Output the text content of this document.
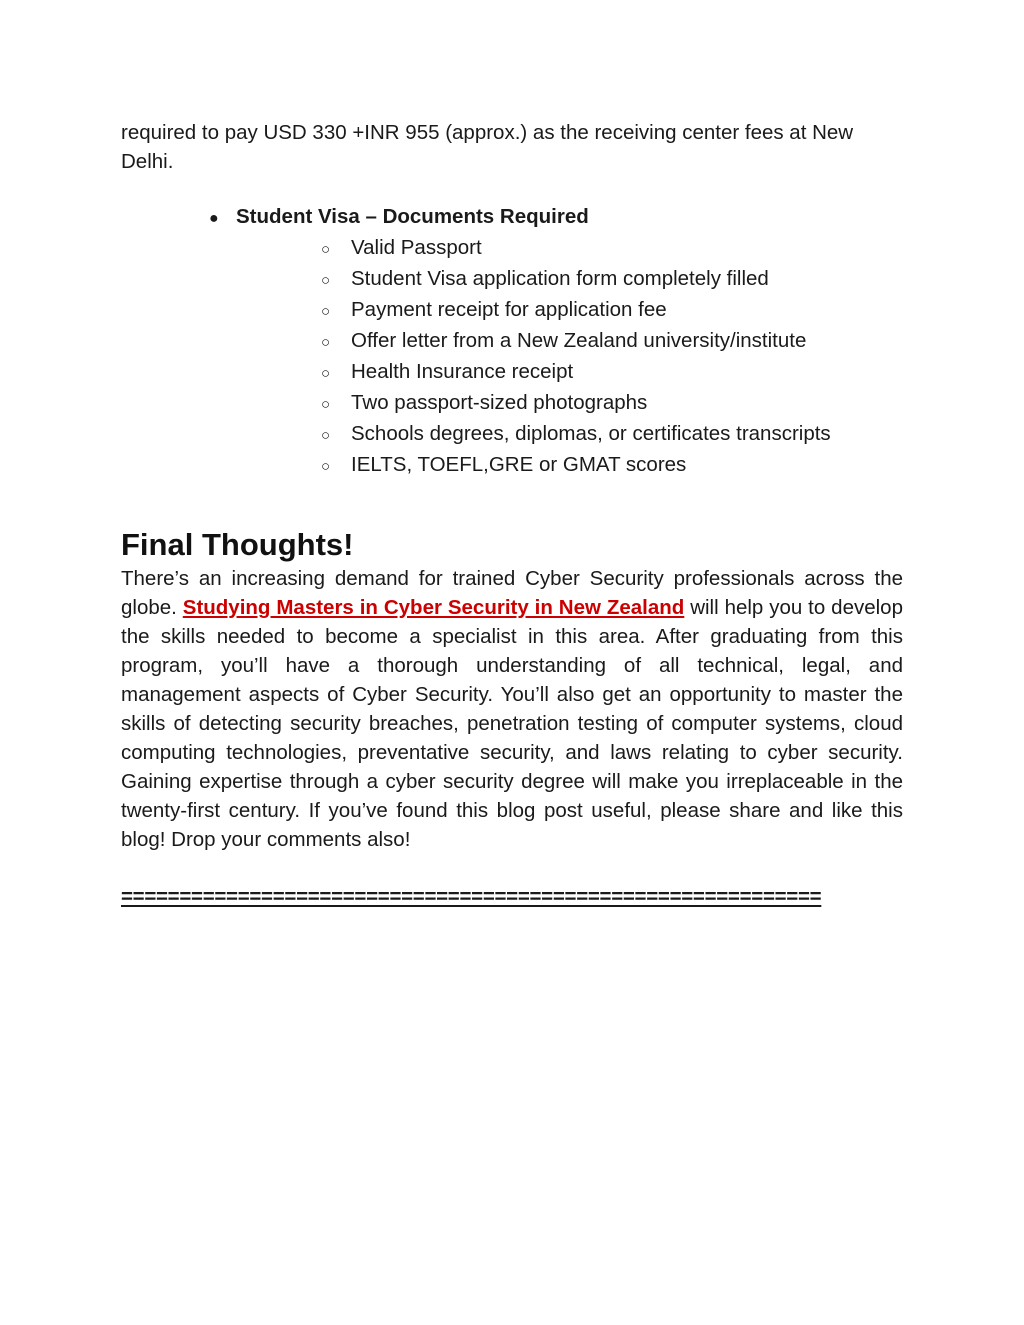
required to pay USD 330 +INR 955 (approx.) as the receiving center fees at New Delhi.

● Student Visa – Documents Required
○	Valid Passport
○	Student Visa application form completely filled
○	Payment receipt for application fee
○	Offer letter from a New Zealand university/institute
○	Health Insurance receipt
○	Two passport-sized photographs
○	Schools degrees, diplomas, or certificates transcripts
○	IELTS, TOEFL,GRE or GMAT scores
Final Thoughts!

There’s an increasing demand for trained Cyber Security professionals across the globe. Studying Masters in Cyber Security in New Zealand will help you to develop the skills needed to become a specialist in this area. After graduating from this program, you’ll have a thorough understanding of all technical, legal, and management aspects of Cyber Security. You’ll also get an opportunity to master the skills of detecting security breaches, penetration testing of computer systems, cloud computing technologies, preventative security, and laws relating to cyber security. Gaining expertise through a cyber security degree will make you irreplaceable in the twenty-first century. If you’ve found this blog post useful, please share and like this blog! Drop your comments also!

============================================================
